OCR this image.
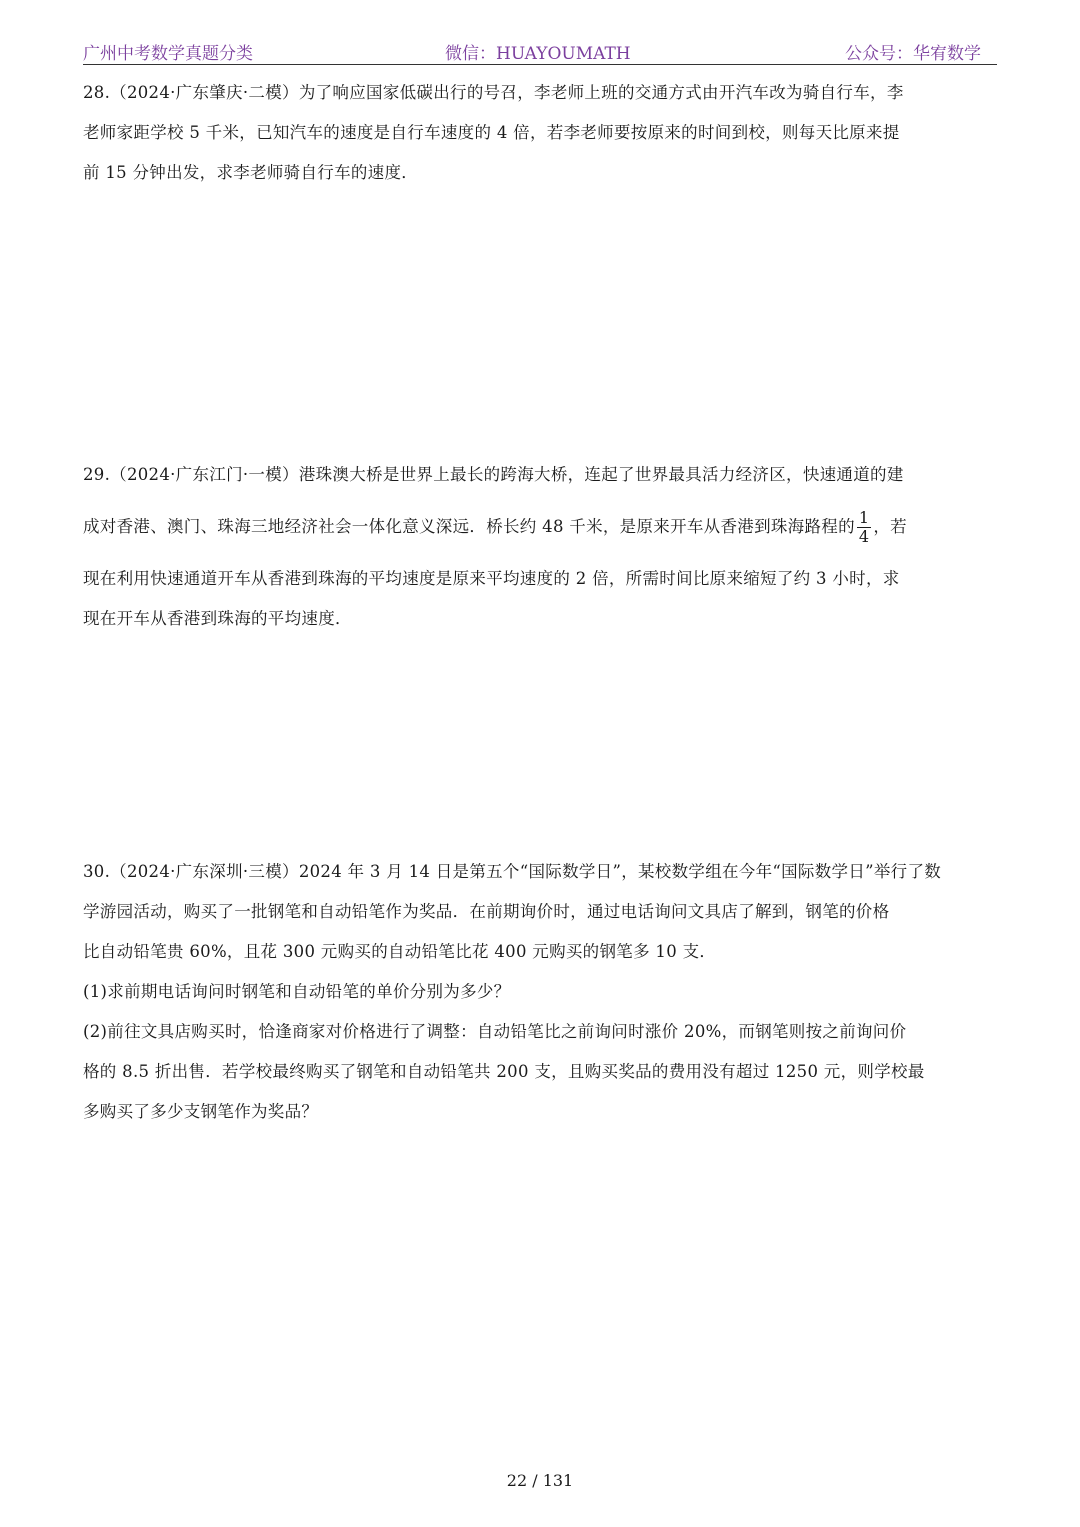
广州中考数学真题分类	微信：HUAYOUMATH	公众号：华宥数学
28.（2024·广东肇庆·二模）为了响应国家低碳出行的号召，李老师上班的交通方式由开汽车改为骑自行车，李
老师家距学校 5 千米，已知汽车的速度是自行车速度的 4 倍，若李老师要按原来的时间到校，则每天比原来提
前 15 分钟出发，求李老师骑自行车的速度．
29.（2024·广东江门·一模）港珠澳大桥是世界上最长的跨海大桥，连起了世界最具活力经济区，快速通道的建
成对香港、澳门、珠海三地经济社会一体化意义深远．桥长约 48 千米，是原来开车从香港到珠海路程的 $\frac{1}{4}$ ，若
现在利用快速通道开车从香港到珠海的平均速度是原来平均速度的 2 倍，所需时间比原来缩短了约 3 小时，求
现在开车从香港到珠海的平均速度．
30.（2024·广东深圳·三模）2024 年 3 月 14 日是第五个“国际数学日”，某校数学组在今年“国际数学日”举行了数
学游园活动，购买了一批钢笔和自动铅笔作为奖品．在前期询价时，通过电话询问文具店了解到，钢笔的价格
比自动铅笔贵 60%，且花 300 元购买的自动铅笔比花 400 元购买的钢笔多 10 支．
(1)求前期电话询问时钢笔和自动铅笔的单价分别为多少？
(2)前往文具店购买时，恰逢商家对价格进行了调整：自动铅笔比之前询问时涨价 20%，而钢笔则按之前询问价
格的 8.5 折出售．若学校最终购买了钢笔和自动铅笔共 200 支，且购买奖品的费用没有超过 1250 元，则学校最
多购买了多少支钢笔作为奖品？
22 / 131
